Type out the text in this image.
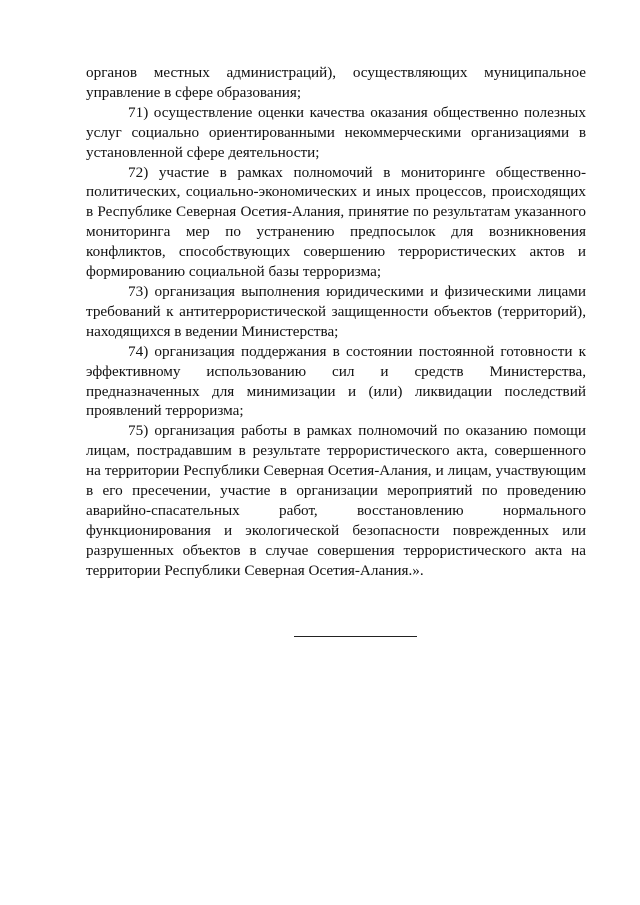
органов местных администраций), осуществляющих муниципальное управление в сфере образования;

71) осуществление оценки качества оказания общественно полезных услуг социально ориентированными некоммерческими организациями в установленной сфере деятельности;

72) участие в рамках полномочий в мониторинге общественно-политических, социально-экономических и иных процессов, происходящих в Республике Северная Осетия-Алания, принятие по результатам указанного мониторинга мер по устранению предпосылок для возникновения конфликтов, способствующих совершению террористических актов и формированию социальной базы терроризма;

73) организация выполнения юридическими и физическими лицами требований к антитеррористической защищенности объектов (территорий), находящихся в ведении Министерства;

74) организация поддержания в состоянии постоянной готовности к эффективному использованию сил и средств Министерства, предназначенных для минимизации и (или) ликвидации последствий проявлений терроризма;

75) организация работы в рамках полномочий по оказанию помощи лицам, пострадавшим в результате террористического акта, совершенного на территории Республики Северная Осетия-Алания, и лицам, участвующим в его пресечении, участие в организации мероприятий по проведению аварийно-спасательных работ, восстановлению нормального функционирования и экологической безопасности поврежденных или разрушенных объектов в случае совершения террористического акта на территории Республики Северная Осетия-Алания.».
